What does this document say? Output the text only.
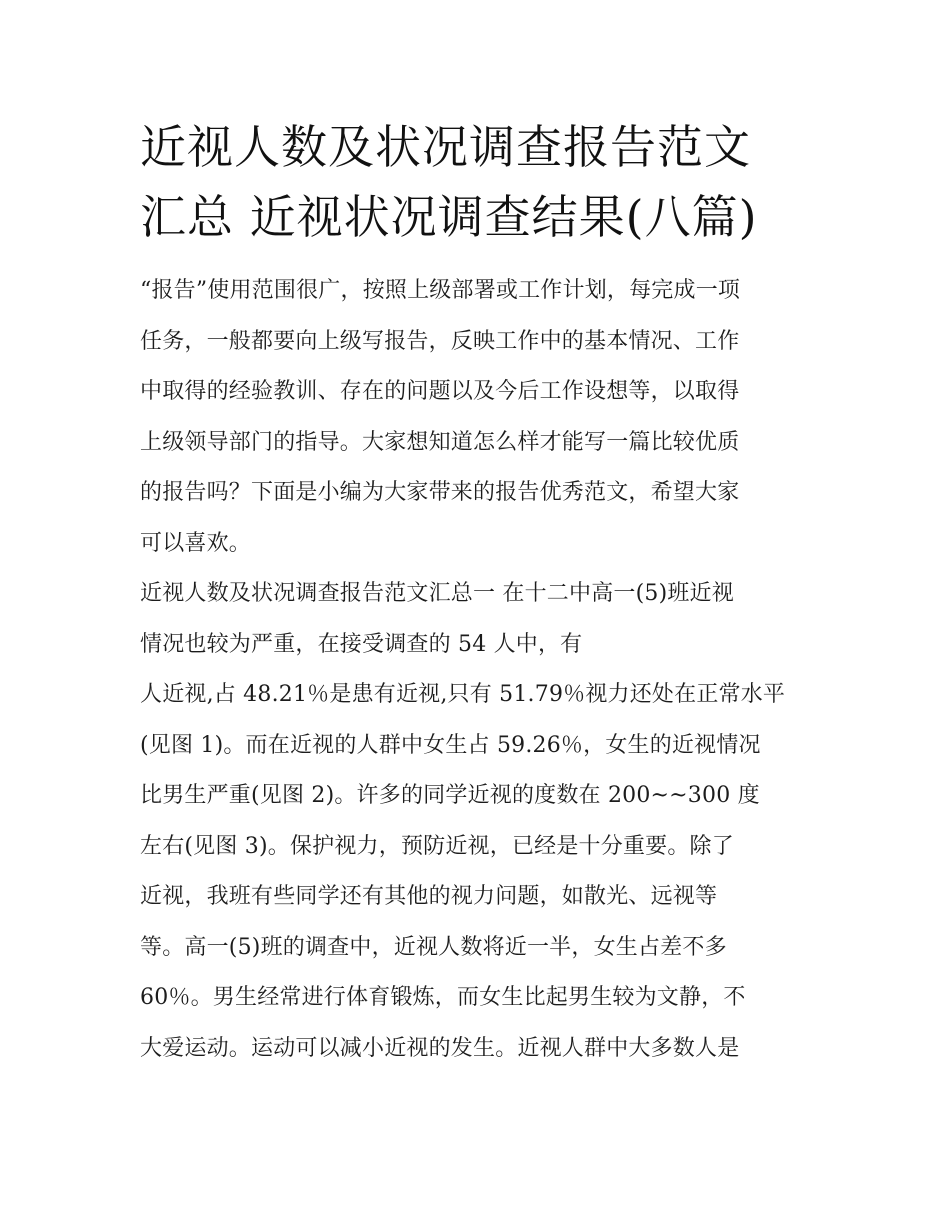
近视人数及状况调查报告范文
汇总 近视状况调查结果(八篇)
“报告”使用范围很广，按照上级部署或工作计划，每完成一项
任务，一般都要向上级写报告，反映工作中的基本情况、工作
中取得的经验教训、存在的问题以及今后工作设想等，以取得
上级领导部门的指导。大家想知道怎么样才能写一篇比较优质
的报告吗？下面是小编为大家带来的报告优秀范文，希望大家
可以喜欢。
近视人数及状况调查报告范文汇总一 在十二中高一(5)班近视
情况也较为严重，在接受调查的 54 人中，有
人近视,占 48.21％是患有近视,只有 51.79％视力还处在正常水平
(见图 1)。而在近视的人群中女生占 59.26％，女生的近视情况
比男生严重(见图 2)。许多的同学近视的度数在 200~~300 度
左右(见图 3)。保护视力，预防近视，已经是十分重要。除了
近视，我班有些同学还有其他的视力问题，如散光、远视等
等。高一(5)班的调查中，近视人数将近一半，女生占差不多
60％。男生经常进行体育锻炼，而女生比起男生较为文静，不
大爱运动。运动可以减小近视的发生。近视人群中大多数人是
